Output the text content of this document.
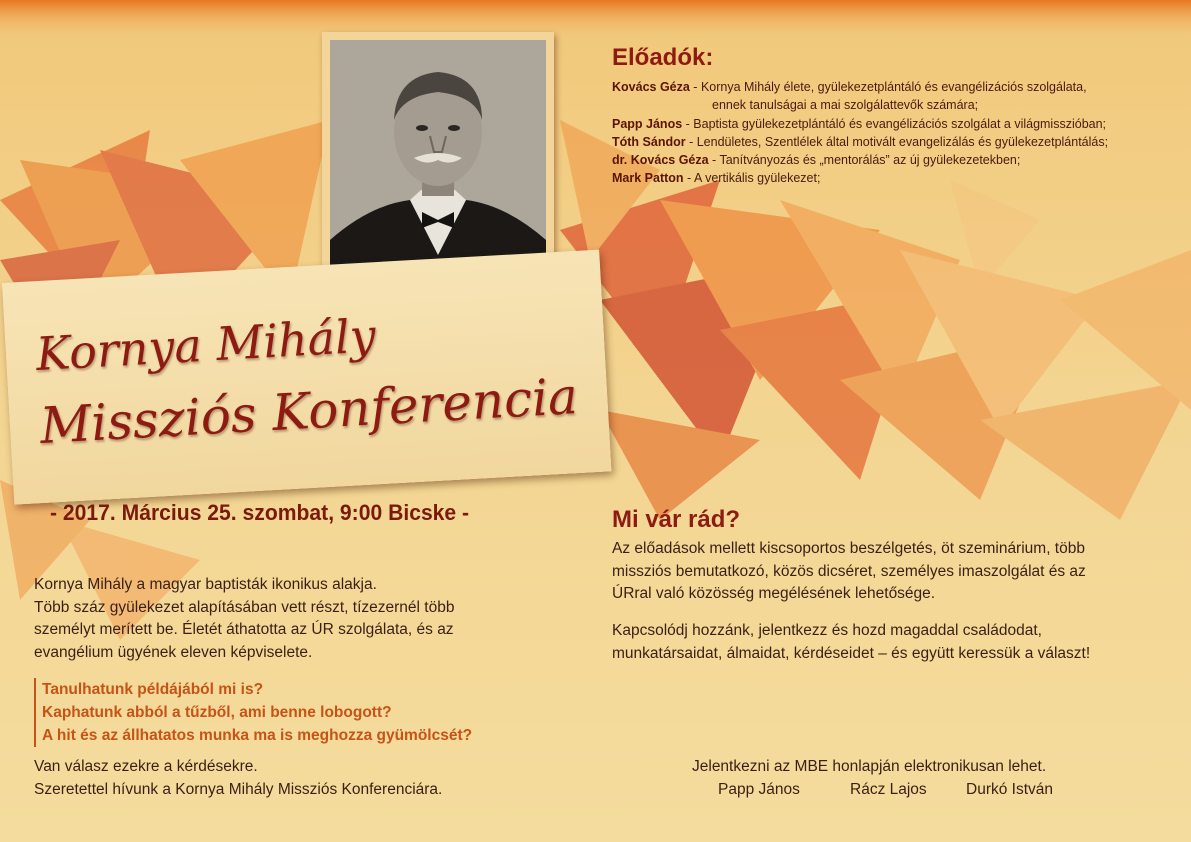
Kornya Mihály
Missziós Konferencia
- 2017. Március 25. szombat, 9:00 Bicske -
Előadók:
Kovács Géza - Kornya Mihály élete, gyülekezetplántáló és evangélizációs szolgálata,
ennek tanulságai a mai szolgálattevők számára;
Papp János - Baptista gyülekezetplántáló és evangélizációs szolgálat a világmisszióban;
Tóth Sándor - Lendületes, Szentlélek által motivált evangelizálás és gyülekezetplántálás;
dr. Kovács Géza - Tanítványozás és „mentorálás” az új gyülekezetekben;
Mark Patton - A vertikális gyülekezet;
Kornya Mihály a magyar baptisták ikonikus alakja.
Több száz gyülekezet alapításában vett részt, tízezernél több
személyt merített be. Életét áthatotta az ÚR szolgálata, és az
evangélium ügyének eleven képviselete.
Tanulhatunk példájából mi is?
Kaphatunk abból a tűzből, ami benne lobogott?
A hit és az állhatatos munka ma is meghozza gyümölcsét?
Van válasz ezekre a kérdésekre.
Szeretettel hívunk a Kornya Mihály Missziós Konferenciára.
Mi vár rád?
Az előadások mellett kiscsoportos beszélgetés, öt szeminárium, több
missziós bemutatkozó, közös dicséret, személyes imaszolgálat és az
ÚRral való közösség megélésének lehetősége.
Kapcsolódj hozzánk, jelentkezz és hozd magaddal családodat,
munkatársaidat, álmaidat, kérdéseidet – és együtt keressük a választ!
Jelentkezni az MBE honlapján elektronikusan lehet.
Papp János	Rácz Lajos	Durkó István
